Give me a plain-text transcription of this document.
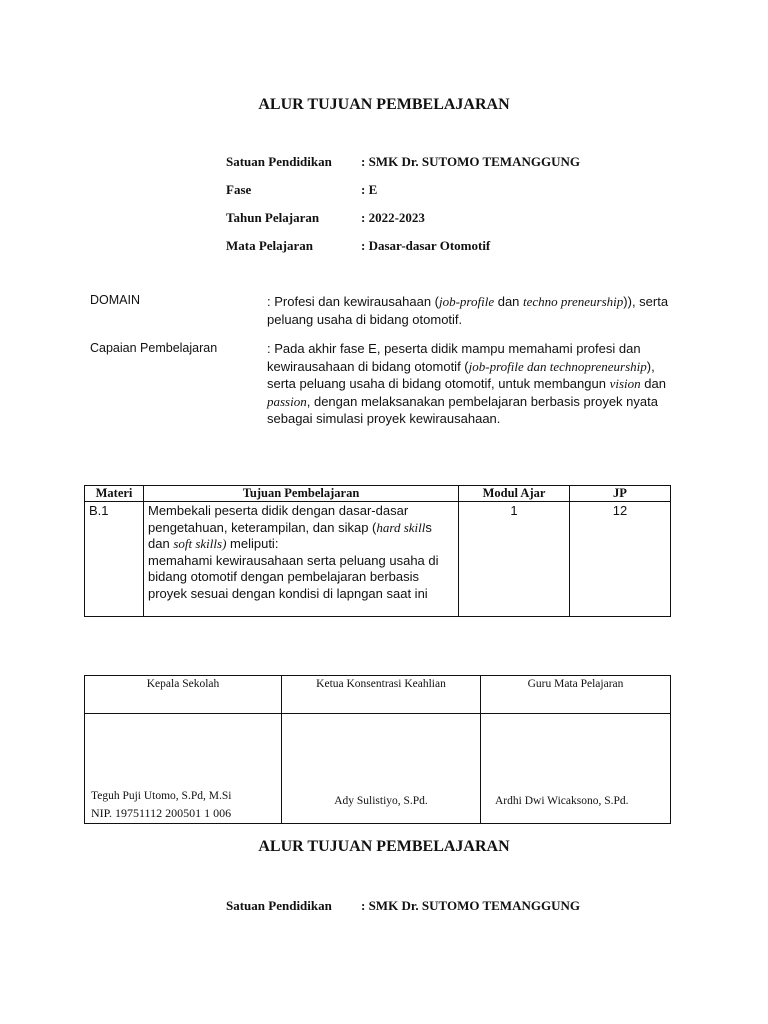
ALUR TUJUAN PEMBELAJARAN
Satuan Pendidikan : SMK Dr. SUTOMO TEMANGGUNG
Fase	: E
Tahun Pelajaran	: 2022-2023
Mata Pelajaran	: Dasar-dasar Otomotif
DOMAIN	: Profesi dan kewirausahaan (job-profile dan techno preneurship)), serta peluang usaha di bidang otomotif.
Capaian Pembelajaran	: Pada akhir fase E, peserta didik mampu memahami profesi dan kewirausahaan di bidang otomotif (job-profile dan technopreneurship), serta peluang usaha di bidang otomotif, untuk membangun vision dan passion, dengan melaksanakan pembelajaran berbasis proyek nyata sebagai simulasi proyek kewirausahaan.
Materi	Tujuan Pembelajaran	Modul Ajar	JP
B.1	Membekali peserta didik dengan dasar-dasar pengetahuan, keterampilan, dan sikap (hard skills dan soft skills) meliputi:
memahami kewirausahaan serta peluang usaha di bidang otomotif dengan pembelajaran berbasis proyek sesuai dengan kondisi di lapngan saat ini	1	12
Kepala Sekolah	Ketua Konsentrasi Keahlian	Guru Mata Pelajaran

Teguh Puji Utomo, S.Pd, M.Si
NIP. 19751112 200501 1 006	Ady Sulistiyo, S.Pd.	Ardhi Dwi Wicaksono, S.Pd.
ALUR TUJUAN PEMBELAJARAN
Satuan Pendidikan : SMK Dr. SUTOMO TEMANGGUNG
